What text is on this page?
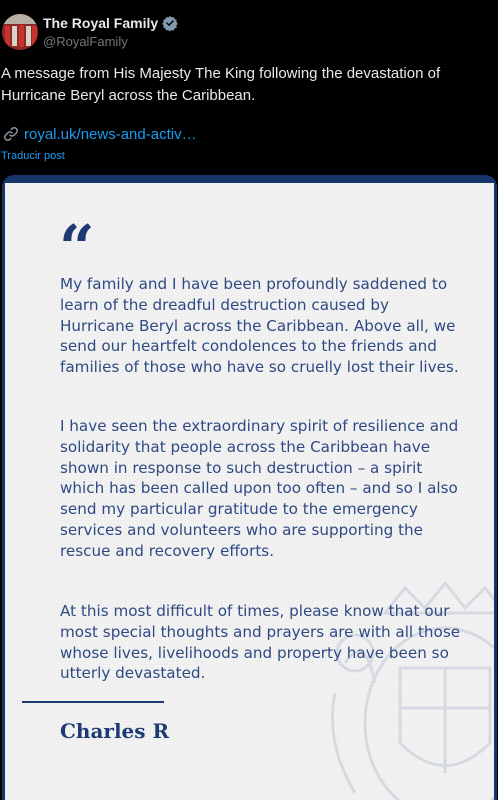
The Royal Family
@RoyalFamily

A message from His Majesty The King following the devastation of Hurricane Beryl across the Caribbean.

royal.uk/news-and-activ…
Traducir post
“

My family and I have been profoundly saddened to learn of the dreadful destruction caused by Hurricane Beryl across the Caribbean. Above all, we send our heartfelt condolences to the friends and families of those who have so cruelly lost their lives.

I have seen the extraordinary spirit of resilience and solidarity that people across the Caribbean have shown in response to such destruction – a spirit which has been called upon too often – and so I also send my particular gratitude to the emergency services and volunteers who are supporting the rescue and recovery efforts.

At this most difficult of times, please know that our most special thoughts and prayers are with all those whose lives, livelihoods and property have been so utterly devastated.

Charles R
